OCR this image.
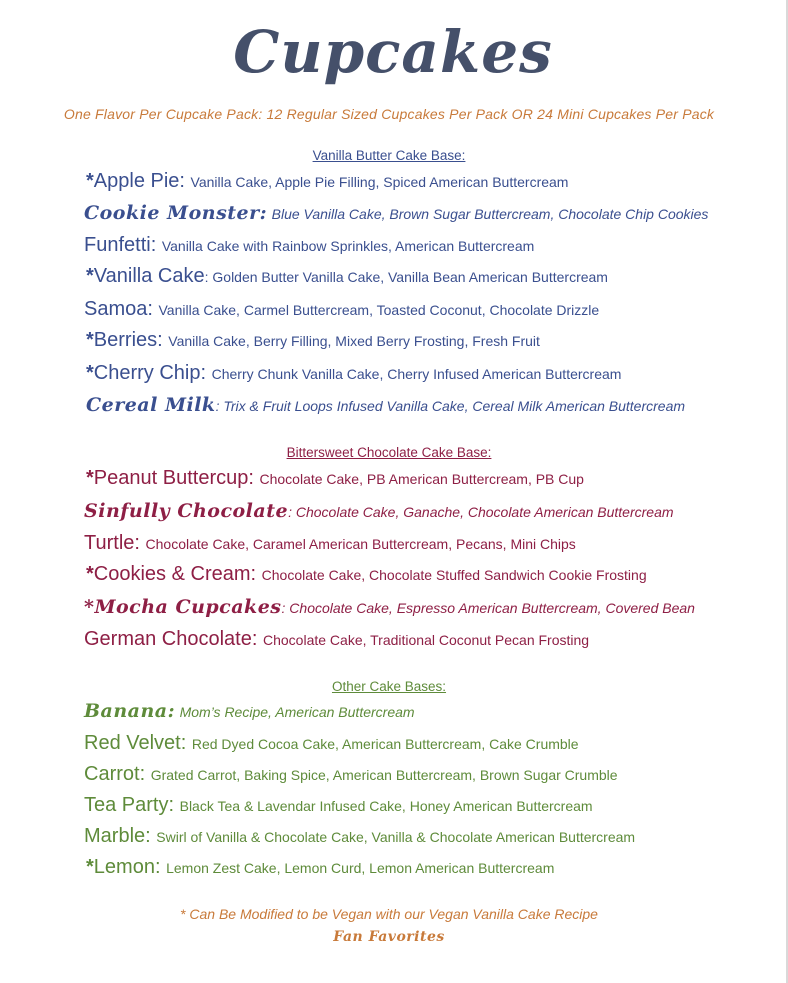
Cupcakes
One Flavor Per Cupcake Pack: 12 Regular Sized Cupcakes Per Pack OR 24 Mini Cupcakes Per Pack
Vanilla Butter Cake Base:
*Apple Pie: Vanilla Cake, Apple Pie Filling, Spiced American Buttercream
Cookie Monster: Blue Vanilla Cake, Brown Sugar Buttercream, Chocolate Chip Cookies
Funfetti: Vanilla Cake with Rainbow Sprinkles, American Buttercream
*Vanilla Cake: Golden Butter Vanilla Cake, Vanilla Bean American Buttercream
Samoa: Vanilla Cake, Carmel Buttercream, Toasted Coconut, Chocolate Drizzle
*Berries: Vanilla Cake, Berry Filling, Mixed Berry Frosting, Fresh Fruit
*Cherry Chip: Cherry Chunk Vanilla Cake, Cherry Infused American Buttercream
Cereal Milk: Trix & Fruit Loops Infused Vanilla Cake, Cereal Milk American Buttercream
Bittersweet Chocolate Cake Base:
*Peanut Buttercup: Chocolate Cake, PB American Buttercream, PB Cup
Sinfully Chocolate: Chocolate Cake, Ganache, Chocolate American Buttercream
Turtle: Chocolate Cake, Caramel American Buttercream, Pecans, Mini Chips
*Cookies & Cream: Chocolate Cake, Chocolate Stuffed Sandwich Cookie Frosting
*Mocha Cupcakes: Chocolate Cake, Espresso American Buttercream, Covered Bean
German Chocolate: Chocolate Cake, Traditional Coconut Pecan Frosting
Other Cake Bases:
Banana: Mom’s Recipe, American Buttercream
Red Velvet: Red Dyed Cocoa Cake, American Buttercream, Cake Crumble
Carrot: Grated Carrot, Baking Spice, American Buttercream, Brown Sugar Crumble
Tea Party: Black Tea & Lavendar Infused Cake, Honey American Buttercream
Marble: Swirl of Vanilla & Chocolate Cake, Vanilla & Chocolate American Buttercream
*Lemon: Lemon Zest Cake, Lemon Curd, Lemon American Buttercream
* Can Be Modified to be Vegan with our Vegan Vanilla Cake Recipe
Fan Favorites
